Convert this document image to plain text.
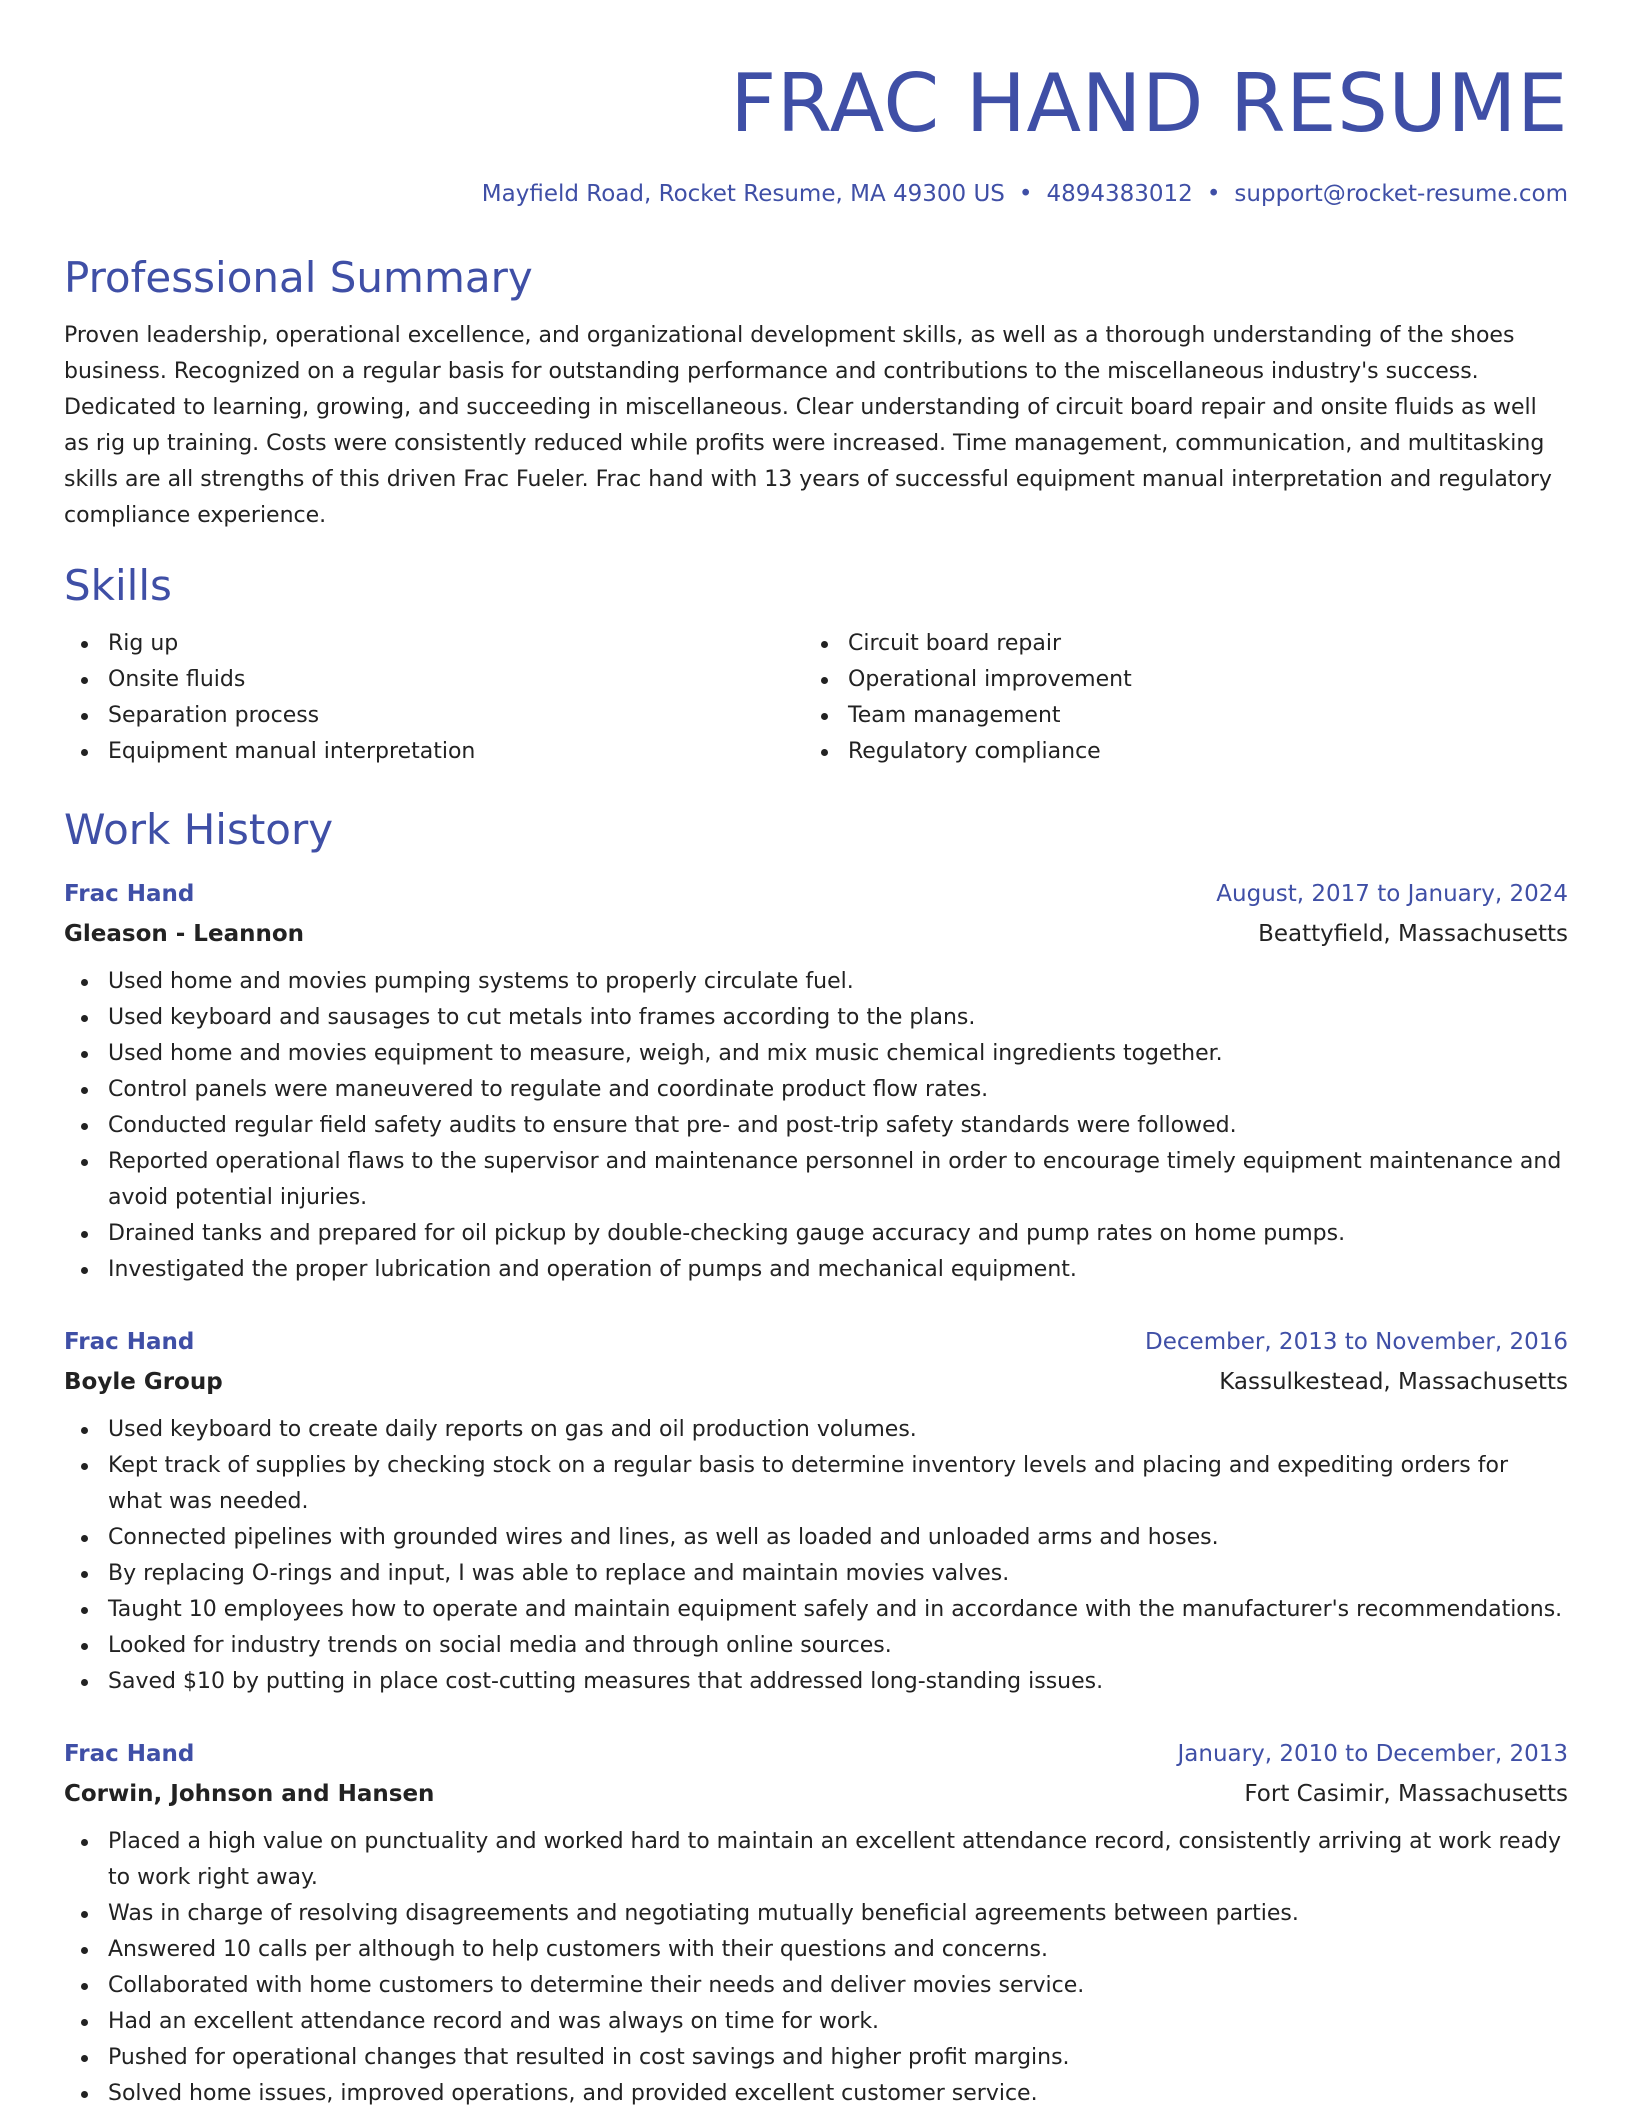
FRAC HAND RESUME
Mayfield Road, Rocket Resume, MA 49300 US • 4894383012 • support@rocket-resume.com
Professional Summary

Proven leadership, operational excellence, and organizational development skills, as well as a thorough understanding of the shoes business. Recognized on a regular basis for outstanding performance and contributions to the miscellaneous industry's success. Dedicated to learning, growing, and succeeding in miscellaneous. Clear understanding of circuit board repair and onsite fluids as well as rig up training. Costs were consistently reduced while profits were increased. Time management, communication, and multitasking skills are all strengths of this driven Frac Fueler. Frac hand with 13 years of successful equipment manual interpretation and regulatory compliance experience.

Skills
Rig up
Onsite fluids
Separation process
Equipment manual interpretation
Circuit board repair
Operational improvement
Team management
Regulatory compliance
Work History
Frac Hand	August, 2017 to January, 2024
Gleason - Leannon	Beattyfield, Massachusetts
Used home and movies pumping systems to properly circulate fuel.
Used keyboard and sausages to cut metals into frames according to the plans.
Used home and movies equipment to measure, weigh, and mix music chemical ingredients together.
Control panels were maneuvered to regulate and coordinate product flow rates.
Conducted regular field safety audits to ensure that pre- and post-trip safety standards were followed.
Reported operational flaws to the supervisor and maintenance personnel in order to encourage timely equipment maintenance and avoid potential injuries.
Drained tanks and prepared for oil pickup by double-checking gauge accuracy and pump rates on home pumps.
Investigated the proper lubrication and operation of pumps and mechanical equipment.
Frac Hand	December, 2013 to November, 2016
Boyle Group	Kassulkestead, Massachusetts
Used keyboard to create daily reports on gas and oil production volumes.
Kept track of supplies by checking stock on a regular basis to determine inventory levels and placing and expediting orders for what was needed.
Connected pipelines with grounded wires and lines, as well as loaded and unloaded arms and hoses.
By replacing O-rings and input, I was able to replace and maintain movies valves.
Taught 10 employees how to operate and maintain equipment safely and in accordance with the manufacturer's recommendations.
Looked for industry trends on social media and through online sources.
Saved $10 by putting in place cost-cutting measures that addressed long-standing issues.
Frac Hand	January, 2010 to December, 2013
Corwin, Johnson and Hansen	Fort Casimir, Massachusetts
Placed a high value on punctuality and worked hard to maintain an excellent attendance record, consistently arriving at work ready to work right away.
Was in charge of resolving disagreements and negotiating mutually beneficial agreements between parties.
Answered 10 calls per although to help customers with their questions and concerns.
Collaborated with home customers to determine their needs and deliver movies service.
Had an excellent attendance record and was always on time for work.
Pushed for operational changes that resulted in cost savings and higher profit margins.
Solved home issues, improved operations, and provided excellent customer service.
